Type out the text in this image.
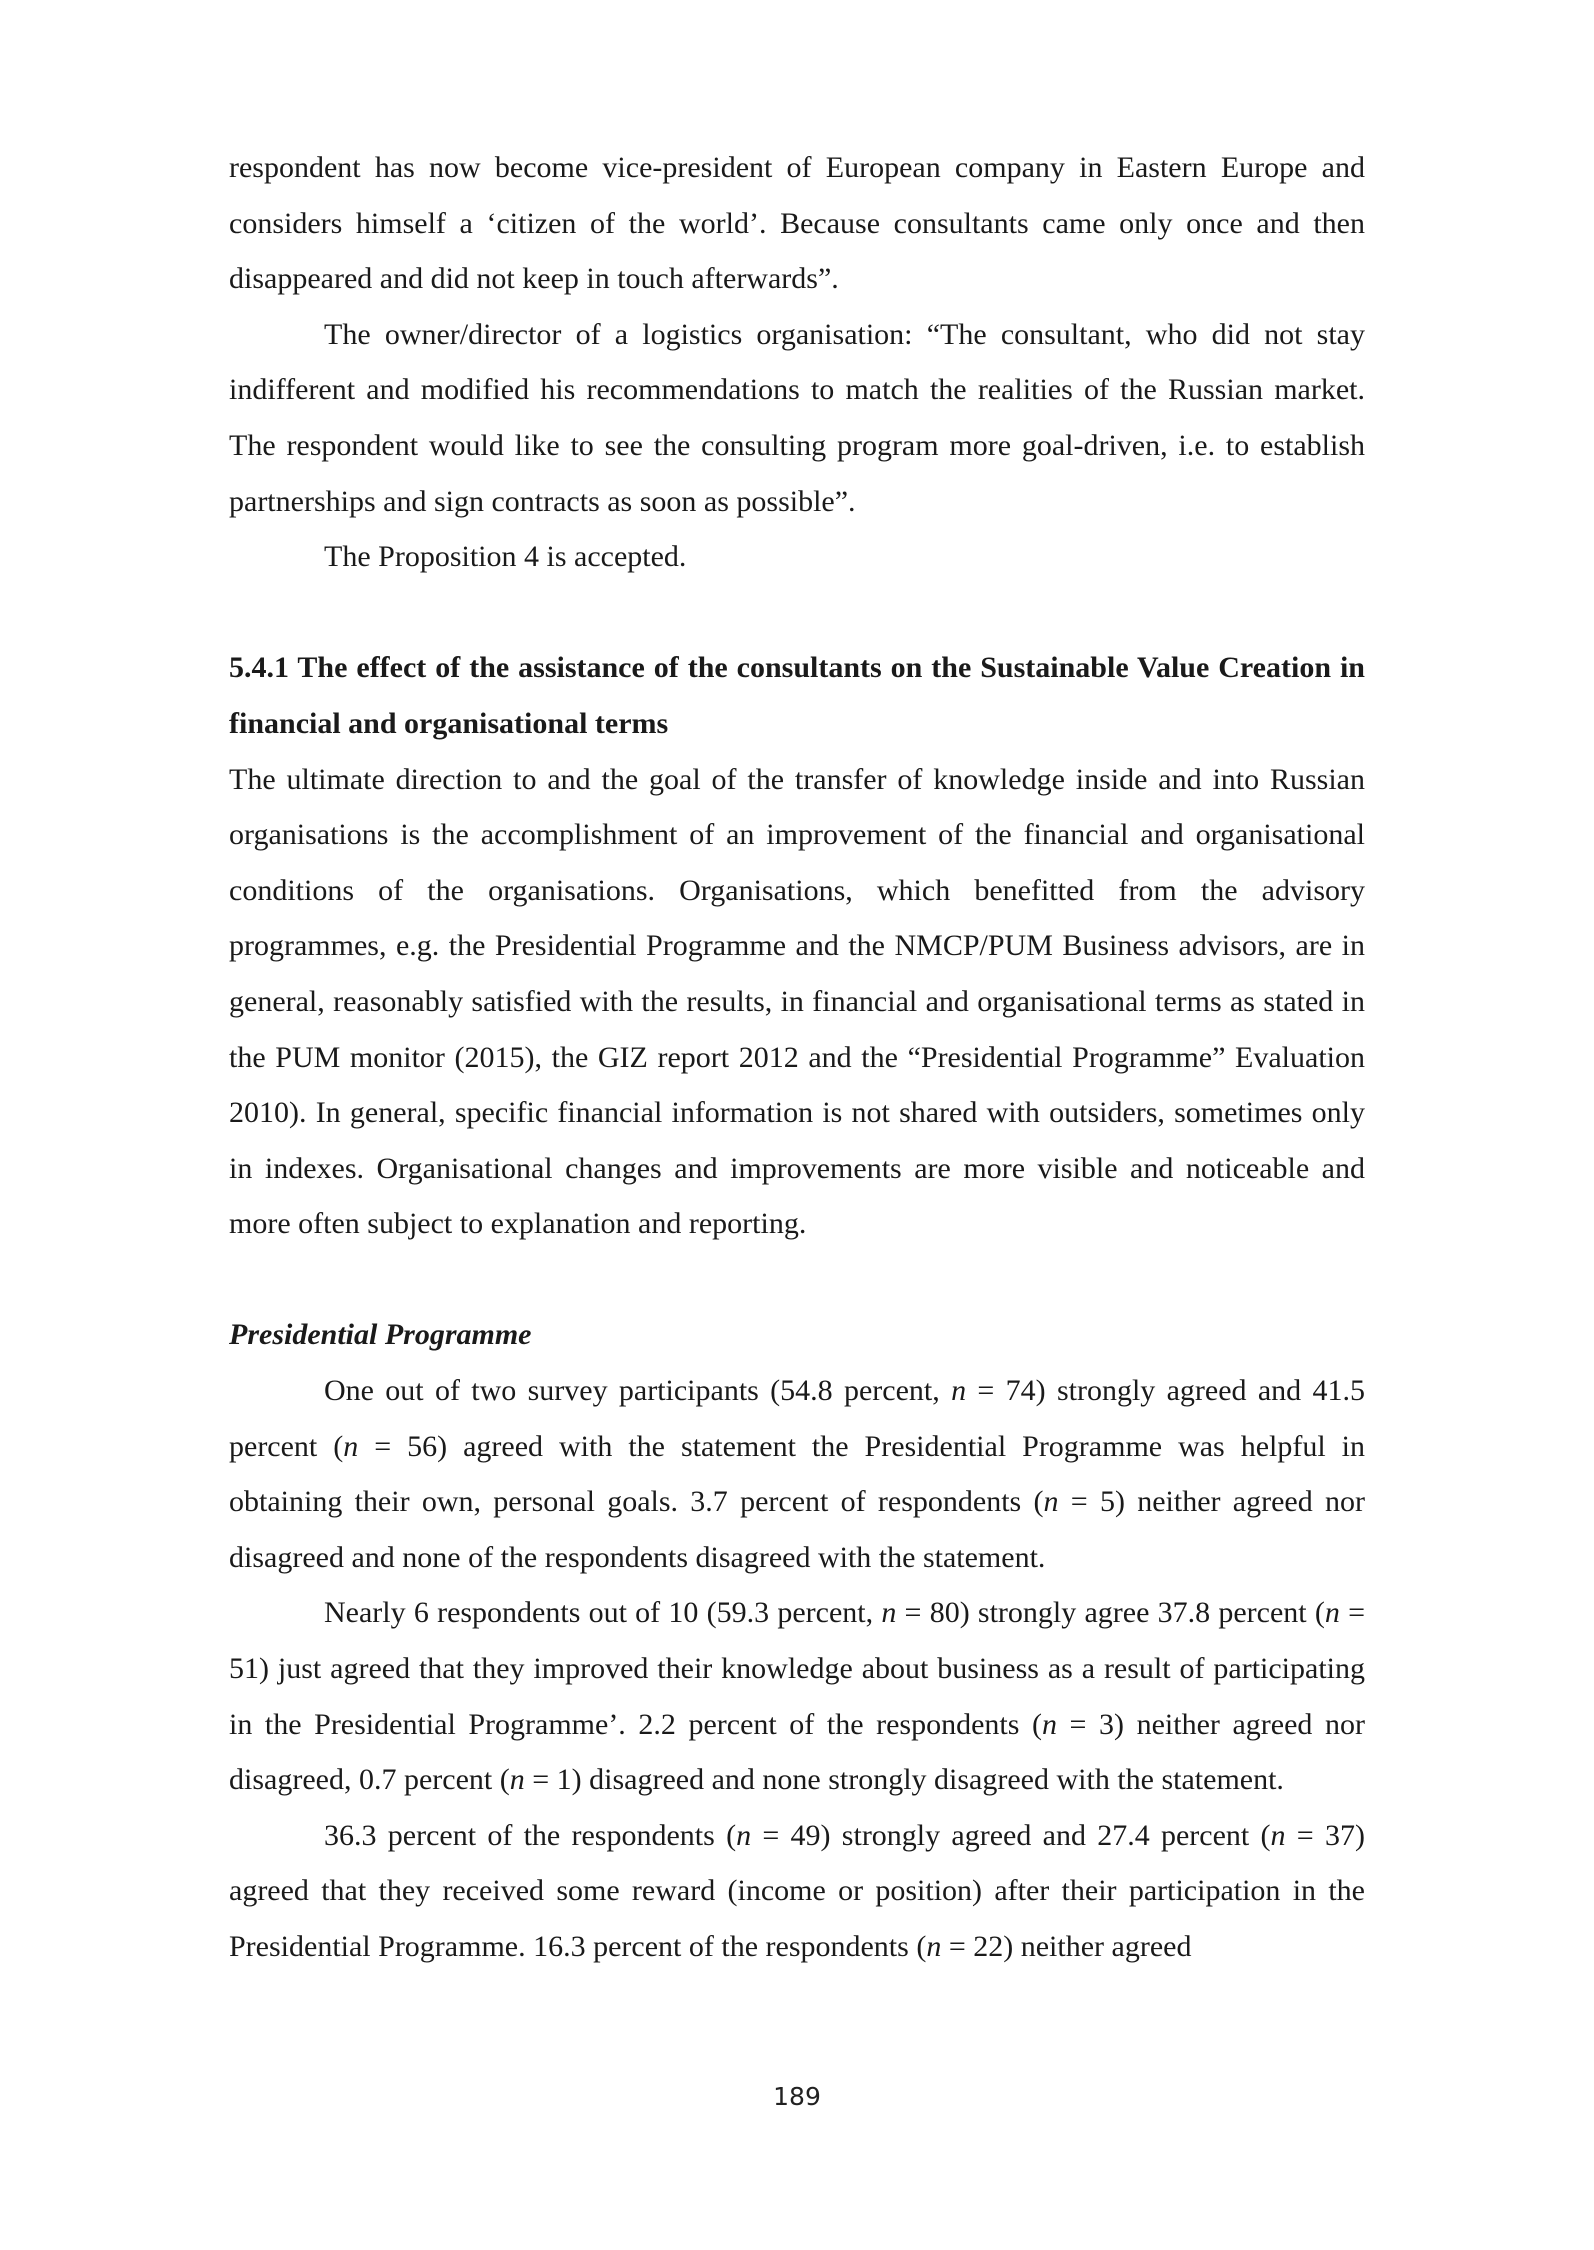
respondent has now become vice-president of European company in Eastern Europe and considers himself a ‘citizen of the world’. Because consultants came only once and then disappeared and did not keep in touch afterwards”.

The owner/director of a logistics organisation: “The consultant, who did not stay indifferent and modified his recommendations to match the realities of the Russian market. The respondent would like to see the consulting program more goal-driven, i.e. to establish partnerships and sign contracts as soon as possible”.

The Proposition 4 is accepted.

5.4.1 The effect of the assistance of the consultants on the Sustainable Value Creation in financial and organisational terms

The ultimate direction to and the goal of the transfer of knowledge inside and into Russian organisations is the accomplishment of an improvement of the financial and organisational conditions of the organisations. Organisations, which benefitted from the advisory programmes, e.g. the Presidential Programme and the NMCP/PUM Business advisors, are in general, reasonably satisfied with the results, in financial and organisational terms as stated in the PUM monitor (2015), the GIZ report 2012 and the “Presidential Programme” Evaluation 2010). In general, specific financial information is not shared with outsiders, sometimes only in indexes. Organisational changes and improvements are more visible and noticeable and more often subject to explanation and reporting.

Presidential Programme

One out of two survey participants (54.8 percent, n = 74) strongly agreed and 41.5 percent (n = 56) agreed with the statement the Presidential Programme was helpful in obtaining their own, personal goals. 3.7 percent of respondents (n = 5) neither agreed nor disagreed and none of the respondents disagreed with the statement.

Nearly 6 respondents out of 10 (59.3 percent, n = 80) strongly agree 37.8 percent (n = 51) just agreed that they improved their knowledge about business as a result of participating in the Presidential Programme’. 2.2 percent of the respondents (n = 3) neither agreed nor disagreed, 0.7 percent (n = 1) disagreed and none strongly disagreed with the statement.

36.3 percent of the respondents (n = 49) strongly agreed and 27.4 percent (n = 37) agreed that they received some reward (income or position) after their participation in the Presidential Programme. 16.3 percent of the respondents (n = 22) neither agreed

189
